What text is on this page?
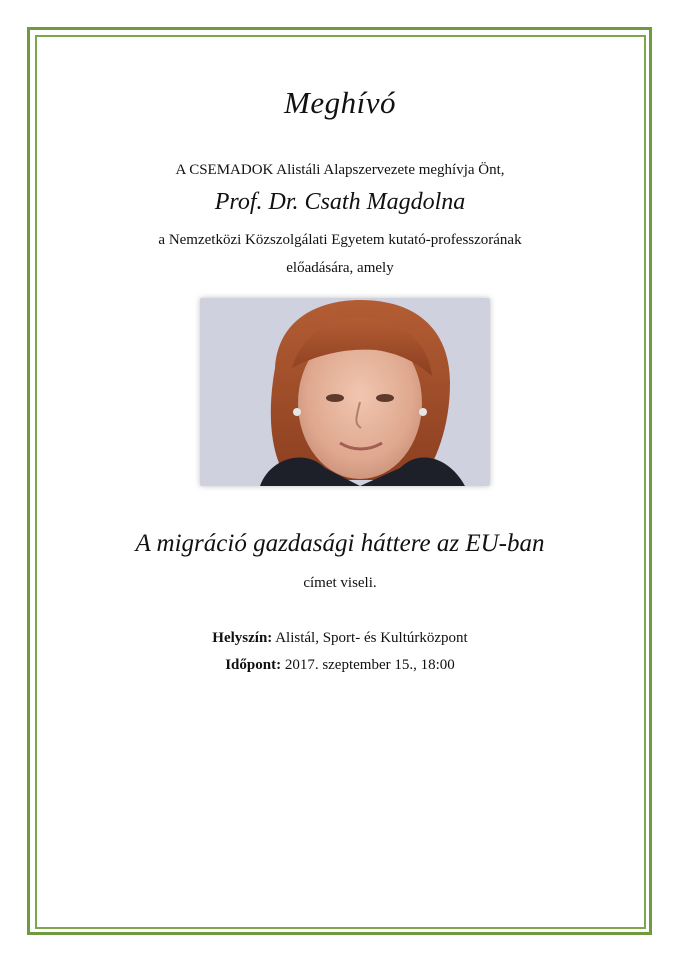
Meghívó
A CSEMADOK Alistáli Alapszervezete meghívja Önt,
Prof. Dr. Csath Magdolna
a Nemzetközi Közszolgálati Egyetem kutató-professzorának
előadására, amely
A migráció gazdasági háttere az EU-ban
címet viseli.
Helyszín: Alistál, Sport- és Kultúrközpont
Időpont: 2017. szeptember 15., 18:00
